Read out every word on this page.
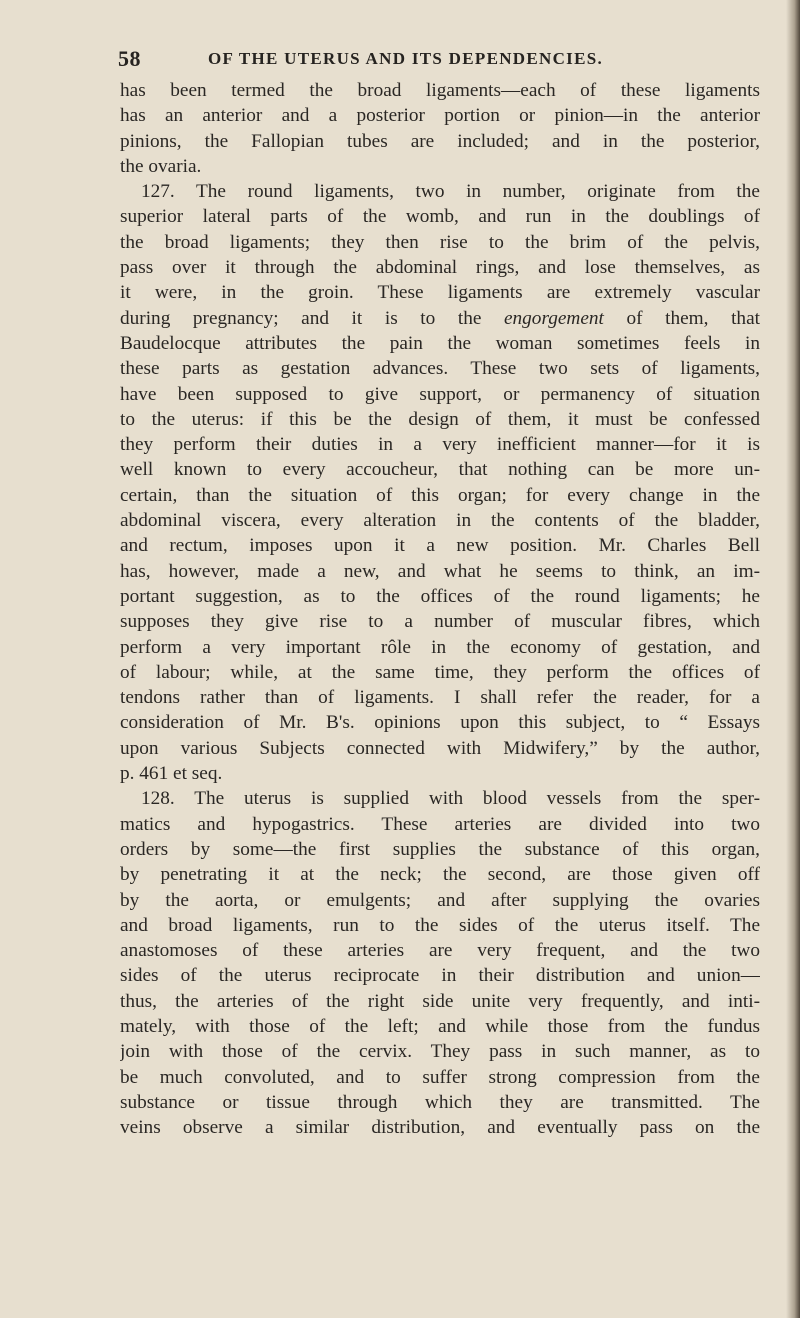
58	OF THE UTERUS AND ITS DEPENDENCIES.
has been termed the broad ligaments—each of these ligaments
has an anterior and a posterior portion or pinion—in the anterior
pinions, the Fallopian tubes are included; and in the posterior,
the ovaria.
127. The round ligaments, two in number, originate from the
superior lateral parts of the womb, and run in the doublings of
the broad ligaments; they then rise to the brim of the pelvis,
pass over it through the abdominal rings, and lose themselves, as
it were, in the groin. These ligaments are extremely vascular
during pregnancy; and it is to the engorgement of them, that
Baudelocque attributes the pain the woman sometimes feels in
these parts as gestation advances. These two sets of ligaments,
have been supposed to give support, or permanency of situation
to the uterus: if this be the design of them, it must be confessed
they perform their duties in a very inefficient manner—for it is
well known to every accoucheur, that nothing can be more un-
certain, than the situation of this organ; for every change in the
abdominal viscera, every alteration in the contents of the bladder,
and rectum, imposes upon it a new position. Mr. Charles Bell
has, however, made a new, and what he seems to think, an im-
portant suggestion, as to the offices of the round ligaments; he
supposes they give rise to a number of muscular fibres, which
perform a very important rôle in the economy of gestation, and
of labour; while, at the same time, they perform the offices of
tendons rather than of ligaments. I shall refer the reader, for a
consideration of Mr. B's. opinions upon this subject, to “ Essays
upon various Subjects connected with Midwifery,” by the author,
p. 461 et seq.
128. The uterus is supplied with blood vessels from the sper-
matics and hypogastrics. These arteries are divided into two
orders by some—the first supplies the substance of this organ,
by penetrating it at the neck; the second, are those given off
by the aorta, or emulgents; and after supplying the ovaries
and broad ligaments, run to the sides of the uterus itself. The
anastomoses of these arteries are very frequent, and the two
sides of the uterus reciprocate in their distribution and union—
thus, the arteries of the right side unite very frequently, and inti-
mately, with those of the left; and while those from the fundus
join with those of the cervix. They pass in such manner, as to
be much convoluted, and to suffer strong compression from the
substance or tissue through which they are transmitted. The
veins observe a similar distribution, and eventually pass on the
